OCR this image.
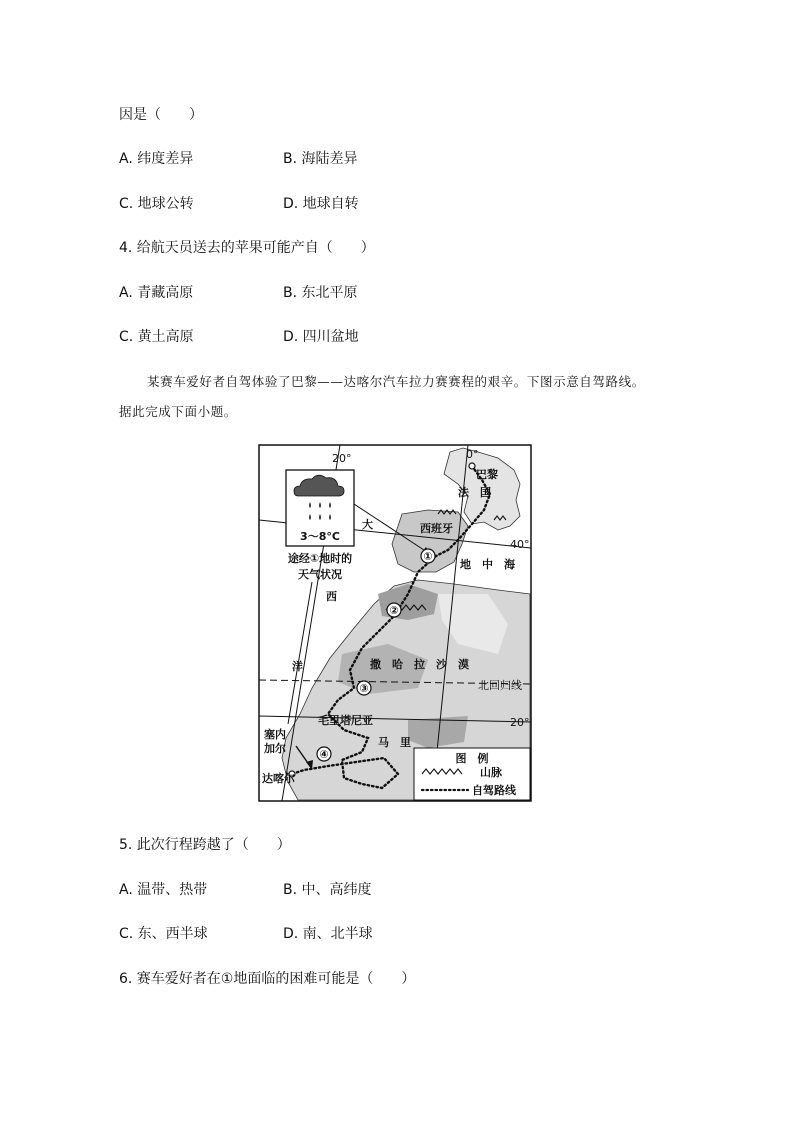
因是（　　）
A. 纬度差异	B. 海陆差异
C. 地球公转	D. 地球自转
4. 给航天员送去的苹果可能产自（　　）
A. 青藏高原	B. 东北平原
C. 黄土高原	D. 四川盆地
某赛车爱好者自驾体验了巴黎——达喀尔汽车拉力赛赛程的艰辛。下图示意自驾路线。
据此完成下面小题。
3～8°C
途经①地时的
天气状况
20°	0°
40°
20°
北回归线
巴黎
法　国
西班牙
大
西
洋
地　中　海
撒　哈　拉　沙　漠
毛里塔尼亚
马　里
塞内
加尔
达喀尔
①
②
③
④	图　例
山脉
自驾路线
5. 此次行程跨越了（　　）
A. 温带、热带	B. 中、高纬度
C. 东、西半球	D. 南、北半球
6. 赛车爱好者在①地面临的困难可能是（　　）
